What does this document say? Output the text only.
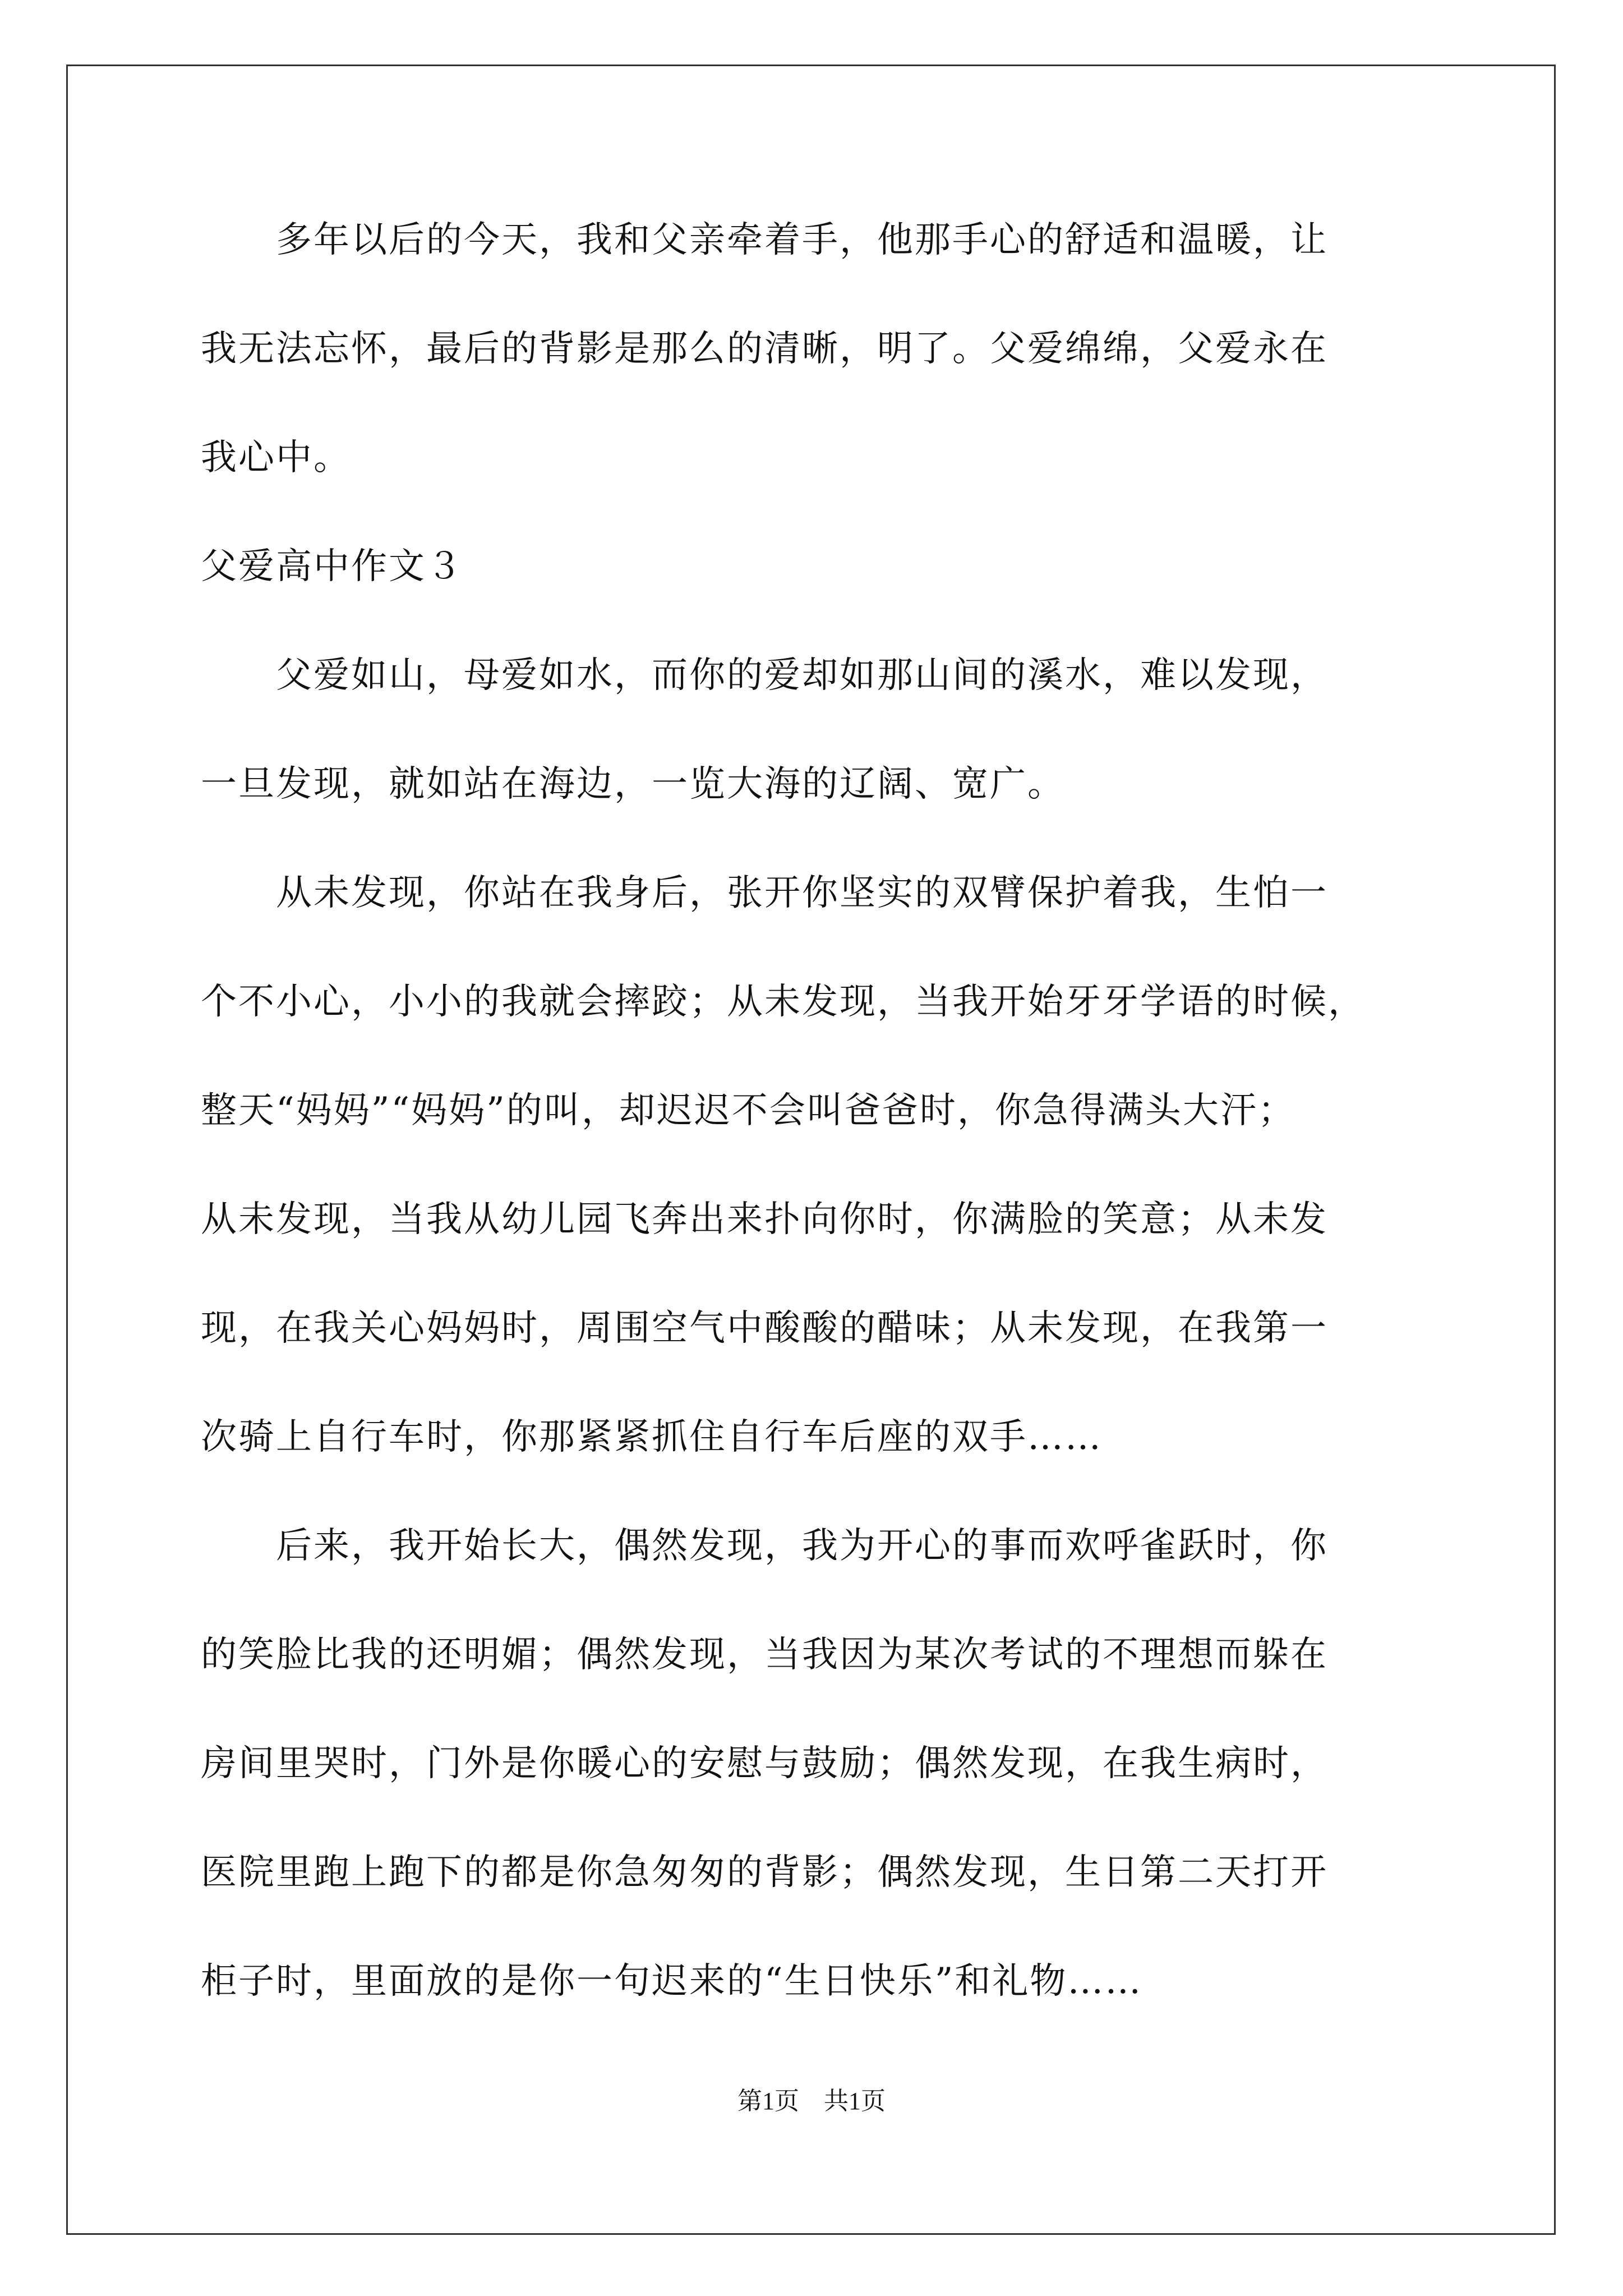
　　多年以后的今天，我和父亲牵着手，他那手心的舒适和温暖，让
我无法忘怀，最后的背影是那么的清晰，明了。父爱绵绵，父爱永在
我心中。
父爱高中作文３
　　父爱如山，母爱如水，而你的爱却如那山间的溪水，难以发现，
一旦发现，就如站在海边，一览大海的辽阔、宽广。
　　从未发现，你站在我身后，张开你坚实的双臂保护着我，生怕一
个不小心，小小的我就会摔跤；从未发现，当我开始牙牙学语的时候，
整天“妈妈”“妈妈”的叫，却迟迟不会叫爸爸时，你急得满头大汗；
从未发现，当我从幼儿园飞奔出来扑向你时，你满脸的笑意；从未发
现，在我关心妈妈时，周围空气中酸酸的醋味；从未发现，在我第一
次骑上自行车时，你那紧紧抓住自行车后座的双手……
　　后来，我开始长大，偶然发现，我为开心的事而欢呼雀跃时，你
的笑脸比我的还明媚；偶然发现，当我因为某次考试的不理想而躲在
房间里哭时，门外是你暖心的安慰与鼓励；偶然发现，在我生病时，
医院里跑上跑下的都是你急匆匆的背影；偶然发现，生日第二天打开
柜子时，里面放的是你一句迟来的“生日快乐”和礼物……
第1页 共1页
